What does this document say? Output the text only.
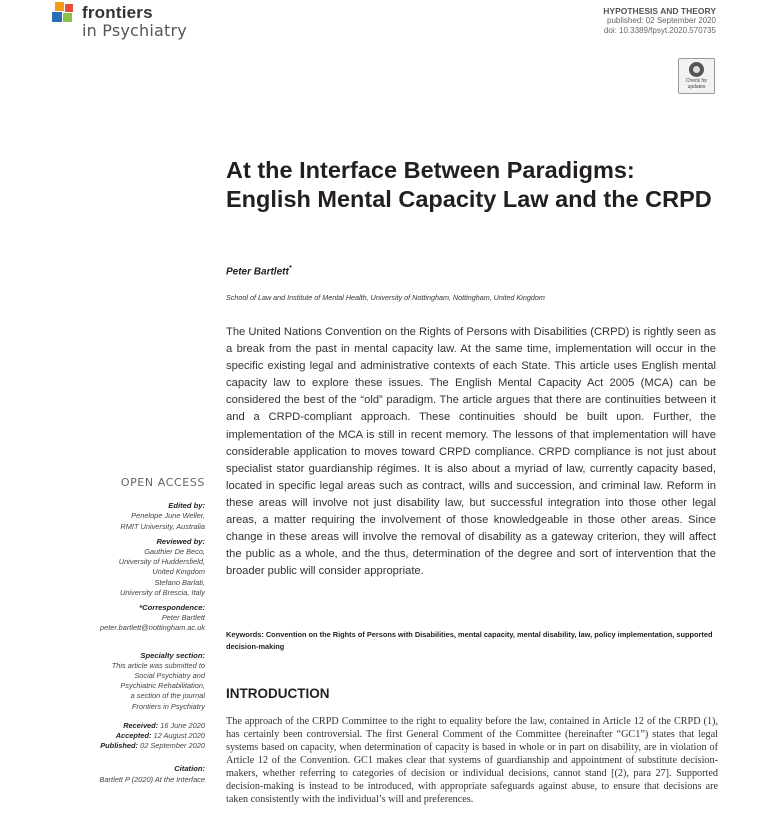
frontiers
in Psychiatry
HYPOTHESIS AND THEORY
published: 02 September 2020
doi: 10.3389/fpsyt.2020.570735
Check for
updates
At the Interface Between Paradigms: English Mental Capacity Law and the CRPD
Peter Bartlett*
School of Law and Institute of Mental Health, University of Nottingham, Nottingham, United Kingdom
The United Nations Convention on the Rights of Persons with Disabilities (CRPD) is rightly seen as a break from the past in mental capacity law. At the same time, implementation will occur in the specific existing legal and administrative contexts of each State. This article uses English mental capacity law to explore these issues. The English Mental Capacity Act 2005 (MCA) can be considered the best of the “old” paradigm. The article argues that there are continuities between it and a CRPD-compliant approach. These continuities should be built upon. Further, the implementation of the MCA is still in recent memory. The lessons of that implementation will have considerable application to moves toward CRPD compliance. CRPD compliance is not just about specialist stator guardianship régimes. It is also about a myriad of law, currently capacity based, located in specific legal areas such as contract, wills and succession, and criminal law. Reform in these areas will involve not just disability law, but successful integration into those other legal areas, a matter requiring the involvement of those knowledgeable in those other areas. Since change in these areas will involve the removal of disability as a gateway criterion, they will affect the public as a whole, and the thus, determination of the degree and sort of intervention that the broader public will consider appropriate.
Keywords: Convention on the Rights of Persons with Disabilities, mental capacity, mental disability, law, policy implementation, supported decision-making
INTRODUCTION
The approach of the CRPD Committee to the right to equality before the law, contained in Article 12 of the CRPD (1), has certainly been controversial. The first General Comment of the Committee (hereinafter “GC1”) states that legal systems based on capacity, when determination of capacity is based in whole or in part on disability, are in violation of Article 12 of the Convention. GC1 makes clear that systems of guardianship and appointment of substitute decision-makers, whether referring to categories of decision or individual decisions, cannot stand [(2), para 27]. Supported decision-making is instead to be introduced, with appropriate safeguards against abuse, to ensure that decisions are taken consistently with the individual’s will and preferences.
OPEN ACCESS
Edited by:
Penelope June Weller,
RMIT University, Australia
Reviewed by:
Gauthier De Beco,
University of Huddersfield,
United Kingdom
Stefano Barlati,
University of Brescia, Italy
*Correspondence:
Peter Bartlett
peter.bartlett@nottingham.ac.uk
Specialty section:
This article was submitted to
Social Psychiatry and
Psychiatric Rehabilitation,
a section of the journal
Frontiers in Psychiatry
Received: 16 June 2020
Accepted: 12 August 2020
Published: 02 September 2020
Citation:
Bartlett P (2020) At the Interface
